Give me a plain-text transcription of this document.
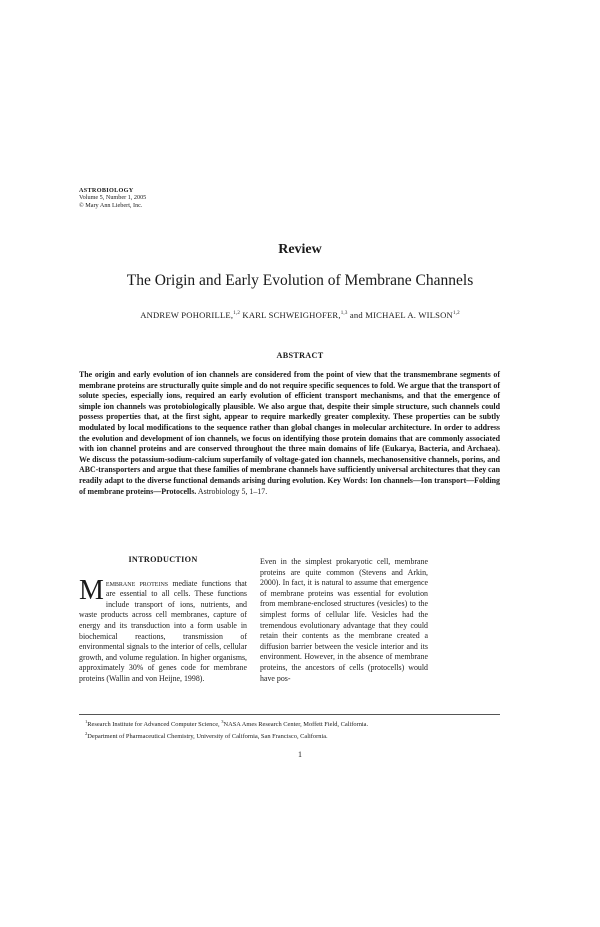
ASTROBIOLOGY
Volume 5, Number 1, 2005
© Mary Ann Liebert, Inc.
Review
The Origin and Early Evolution of Membrane Channels
ANDREW POHORILLE,$^{1,2}$ KARL SCHWEIGHOFER,$^{1,3}$ and MICHAEL A. WILSON$^{1,2}$
ABSTRACT

The origin and early evolution of ion channels are considered from the point of view that the transmembrane segments of membrane proteins are structurally quite simple and do not require specific sequences to fold. We argue that the transport of solute species, especially ions, required an early evolution of efficient transport mechanisms, and that the emergence of simple ion channels was protobiologically plausible. We also argue that, despite their simple structure, such channels could possess properties that, at the first sight, appear to require markedly greater complexity. These properties can be subtly modulated by local modifications to the sequence rather than global changes in molecular architecture. In order to address the evolution and development of ion channels, we focus on identifying those protein domains that are commonly associated with ion channel proteins and are conserved throughout the three main domains of life (Eukarya, Bacteria, and Archaea). We discuss the potassium-sodium-calcium superfamily of voltage-gated ion channels, mechanosensitive channels, porins, and ABC-transporters and argue that these families of membrane channels have sufficiently universal architectures that they can readily adapt to the diverse functional demands arising during evolution. Key Words: Ion channels—Ion transport—Folding of membrane proteins—Protocells. Astrobiology 5, 1–17.

INTRODUCTION

Membrane proteins mediate functions that are essential to all cells. These functions include transport of ions, nutrients, and waste products across cell membranes, capture of energy and its transduction into a form usable in biochemical reactions, transmission of environmental signals to the interior of cells, cellular growth, and volume regulation. In higher organisms, approximately 30% of genes code for membrane proteins (Wallin and von Heijne, 1998).

Even in the simplest prokaryotic cell, membrane proteins are quite common (Stevens and Arkin, 2000). In fact, it is natural to assume that emergence of membrane proteins was essential for evolution from membrane-enclosed structures (vesicles) to the simplest forms of cellular life. Vesicles had the tremendous evolutionary advantage that they could retain their contents as the membrane created a diffusion barrier between the vesicle interior and its environment. However, in the absence of membrane proteins, the ancestors of cells (protocells) would have pos-

$^1$Research Institute for Advanced Computer Science, $^3$NASA Ames Research Center, Moffett Field, California.
$^2$Department of Pharmaceutical Chemistry, University of California, San Francisco, California.
1
